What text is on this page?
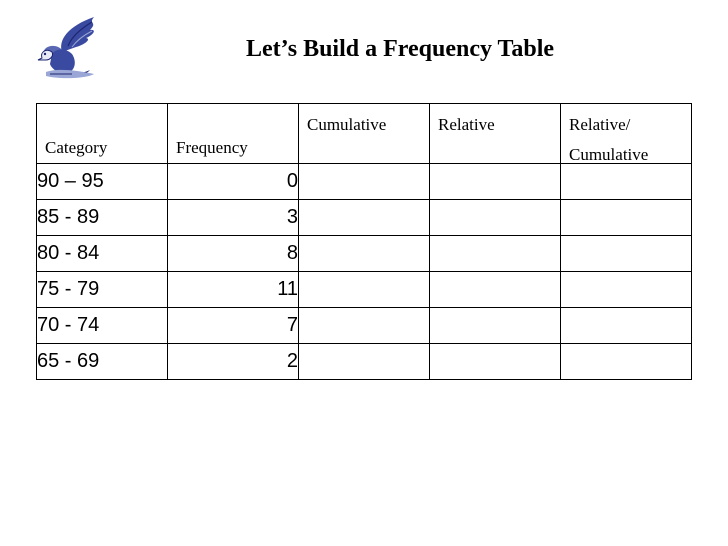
Let’s Build a Frequency Table
Category	Frequency	Cumulative	Relative	Relative/
Cumulative

90 – 95	0			
85 - 89	3			
80 - 84	8			
75 - 79	11			
70 - 74	7			
65 - 69	2			
